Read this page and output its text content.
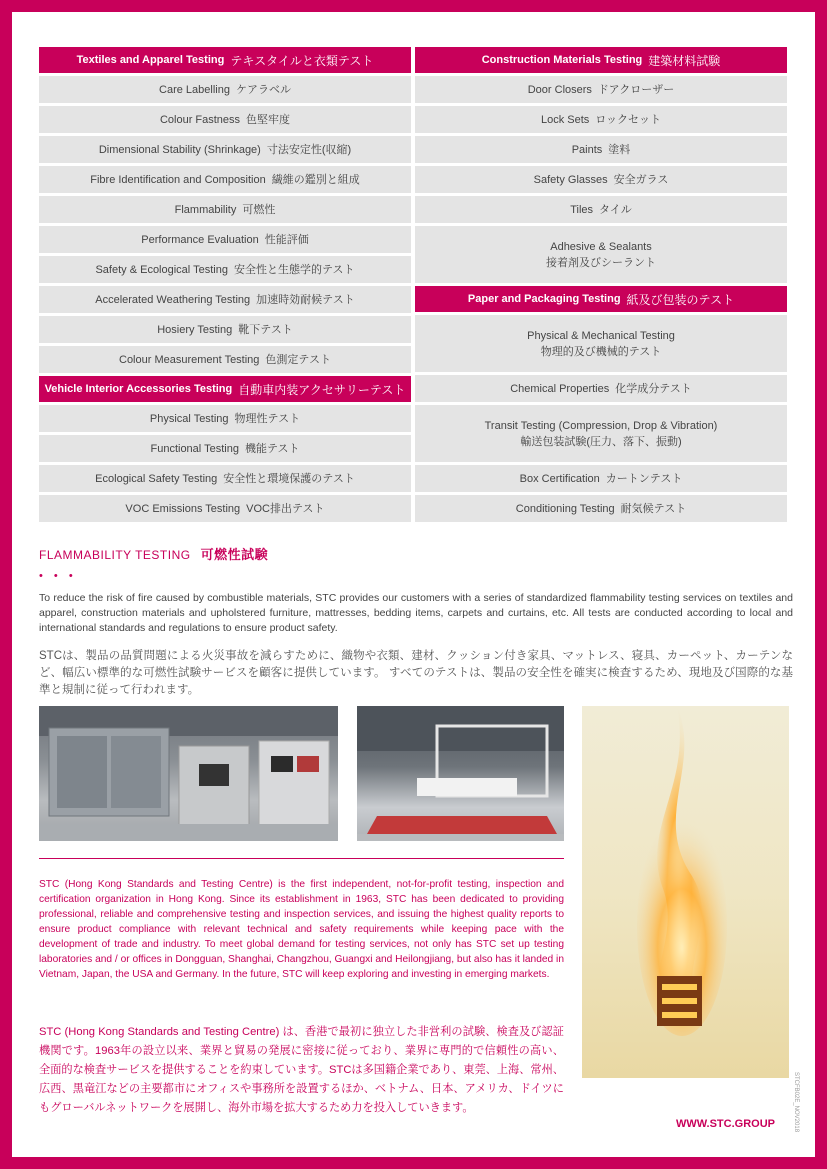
Textiles and Apparel Testing テキスタイルと衣類テスト
Care Labelling ケアラベル
Colour Fastness 色堅牢度
Dimensional Stability (Shrinkage) 寸法安定性(収縮)
Fibre Identification and Composition 繊維の鑑別と組成
Flammability 可燃性
Performance Evaluation 性能評価
Safety & Ecological Testing 安全性と生態学的テスト
Accelerated Weathering Testing 加速時効耐候テスト
Hosiery Testing 靴下テスト
Colour Measurement Testing 色測定テスト
Vehicle Interior Accessories Testing 自動車内装アクセサリーテスト
Physical Testing 物理性テスト
Functional Testing 機能テスト
Ecological Safety Testing 安全性と環境保護のテスト
VOC Emissions Testing VOC排出テスト
Construction Materials Testing 建築材料試験
Door Closers ドアクローザー
Lock Sets ロックセット
Paints 塗料
Safety Glasses 安全ガラス
Tiles タイル
Adhesive & Sealants
接着剤及びシーラント
Paper and Packaging Testing 紙及び包装のテスト
Physical & Mechanical Testing
物理的及び機械的テスト
Chemical Properties 化学成分テスト
Transit Testing (Compression, Drop & Vibration)
輸送包装試験(圧力、落下、振動)
Box Certification カートンテスト
Conditioning Testing 耐気候テスト
FLAMMABILITY TESTING 可燃性試験
• • •
To reduce the risk of fire caused by combustible materials, STC provides our customers with a series of standardized flammability testing services on textiles and apparel, construction materials and upholstered furniture, mattresses, bedding items, carpets and curtains, etc. All tests are conducted according to local and international standards and regulations to ensure product safety.
STCは、製品の品質問題による火災事故を減らすために、織物や衣類、建材、クッション付き家具、マットレス、寝具、カーペット、カーテンなど、幅広い標準的な可燃性試験サービスを顧客に提供しています。 すべてのテストは、製品の安全性を確実に検査するため、現地及び国際的な基準と規制に従って行われます。
STC (Hong Kong Standards and Testing Centre) is the first independent, not-for-profit testing, inspection and certification organization in Hong Kong. Since its establishment in 1963, STC has been dedicated to providing professional, reliable and comprehensive testing and inspection services, and issuing the highest quality reports to ensure product compliance with relevant technical and safety requirements while keeping pace with the development of trade and industry. To meet global demand for testing services, not only has STC set up testing laboratories and / or offices in Dongguan, Shanghai, Changzhou, Guangxi and Heilongjiang, but also has it landed in Vietnam, Japan, the USA and Germany. In the future, STC will keep exploring and investing in emerging markets.
STC (Hong Kong Standards and Testing Centre) は、香港で最初に独立した非営利の試験、検査及び認証機関です。1963年の設立以来、業界と貿易の発展に密接に従っており、業界に専門的で信頼性の高い、全面的な検査サービスを提供することを約束しています。STCは多国籍企業であり、東莞、上海、常州、広西、黒竜江などの主要都市にオフィスや事務所を設置するほか、ベトナム、日本、アメリカ、ドイツにもグローバルネットワークを展開し、海外市場を拡大するため力を投入していきます。
WWW.STC.GROUP	STCFB02E_NOV2018
